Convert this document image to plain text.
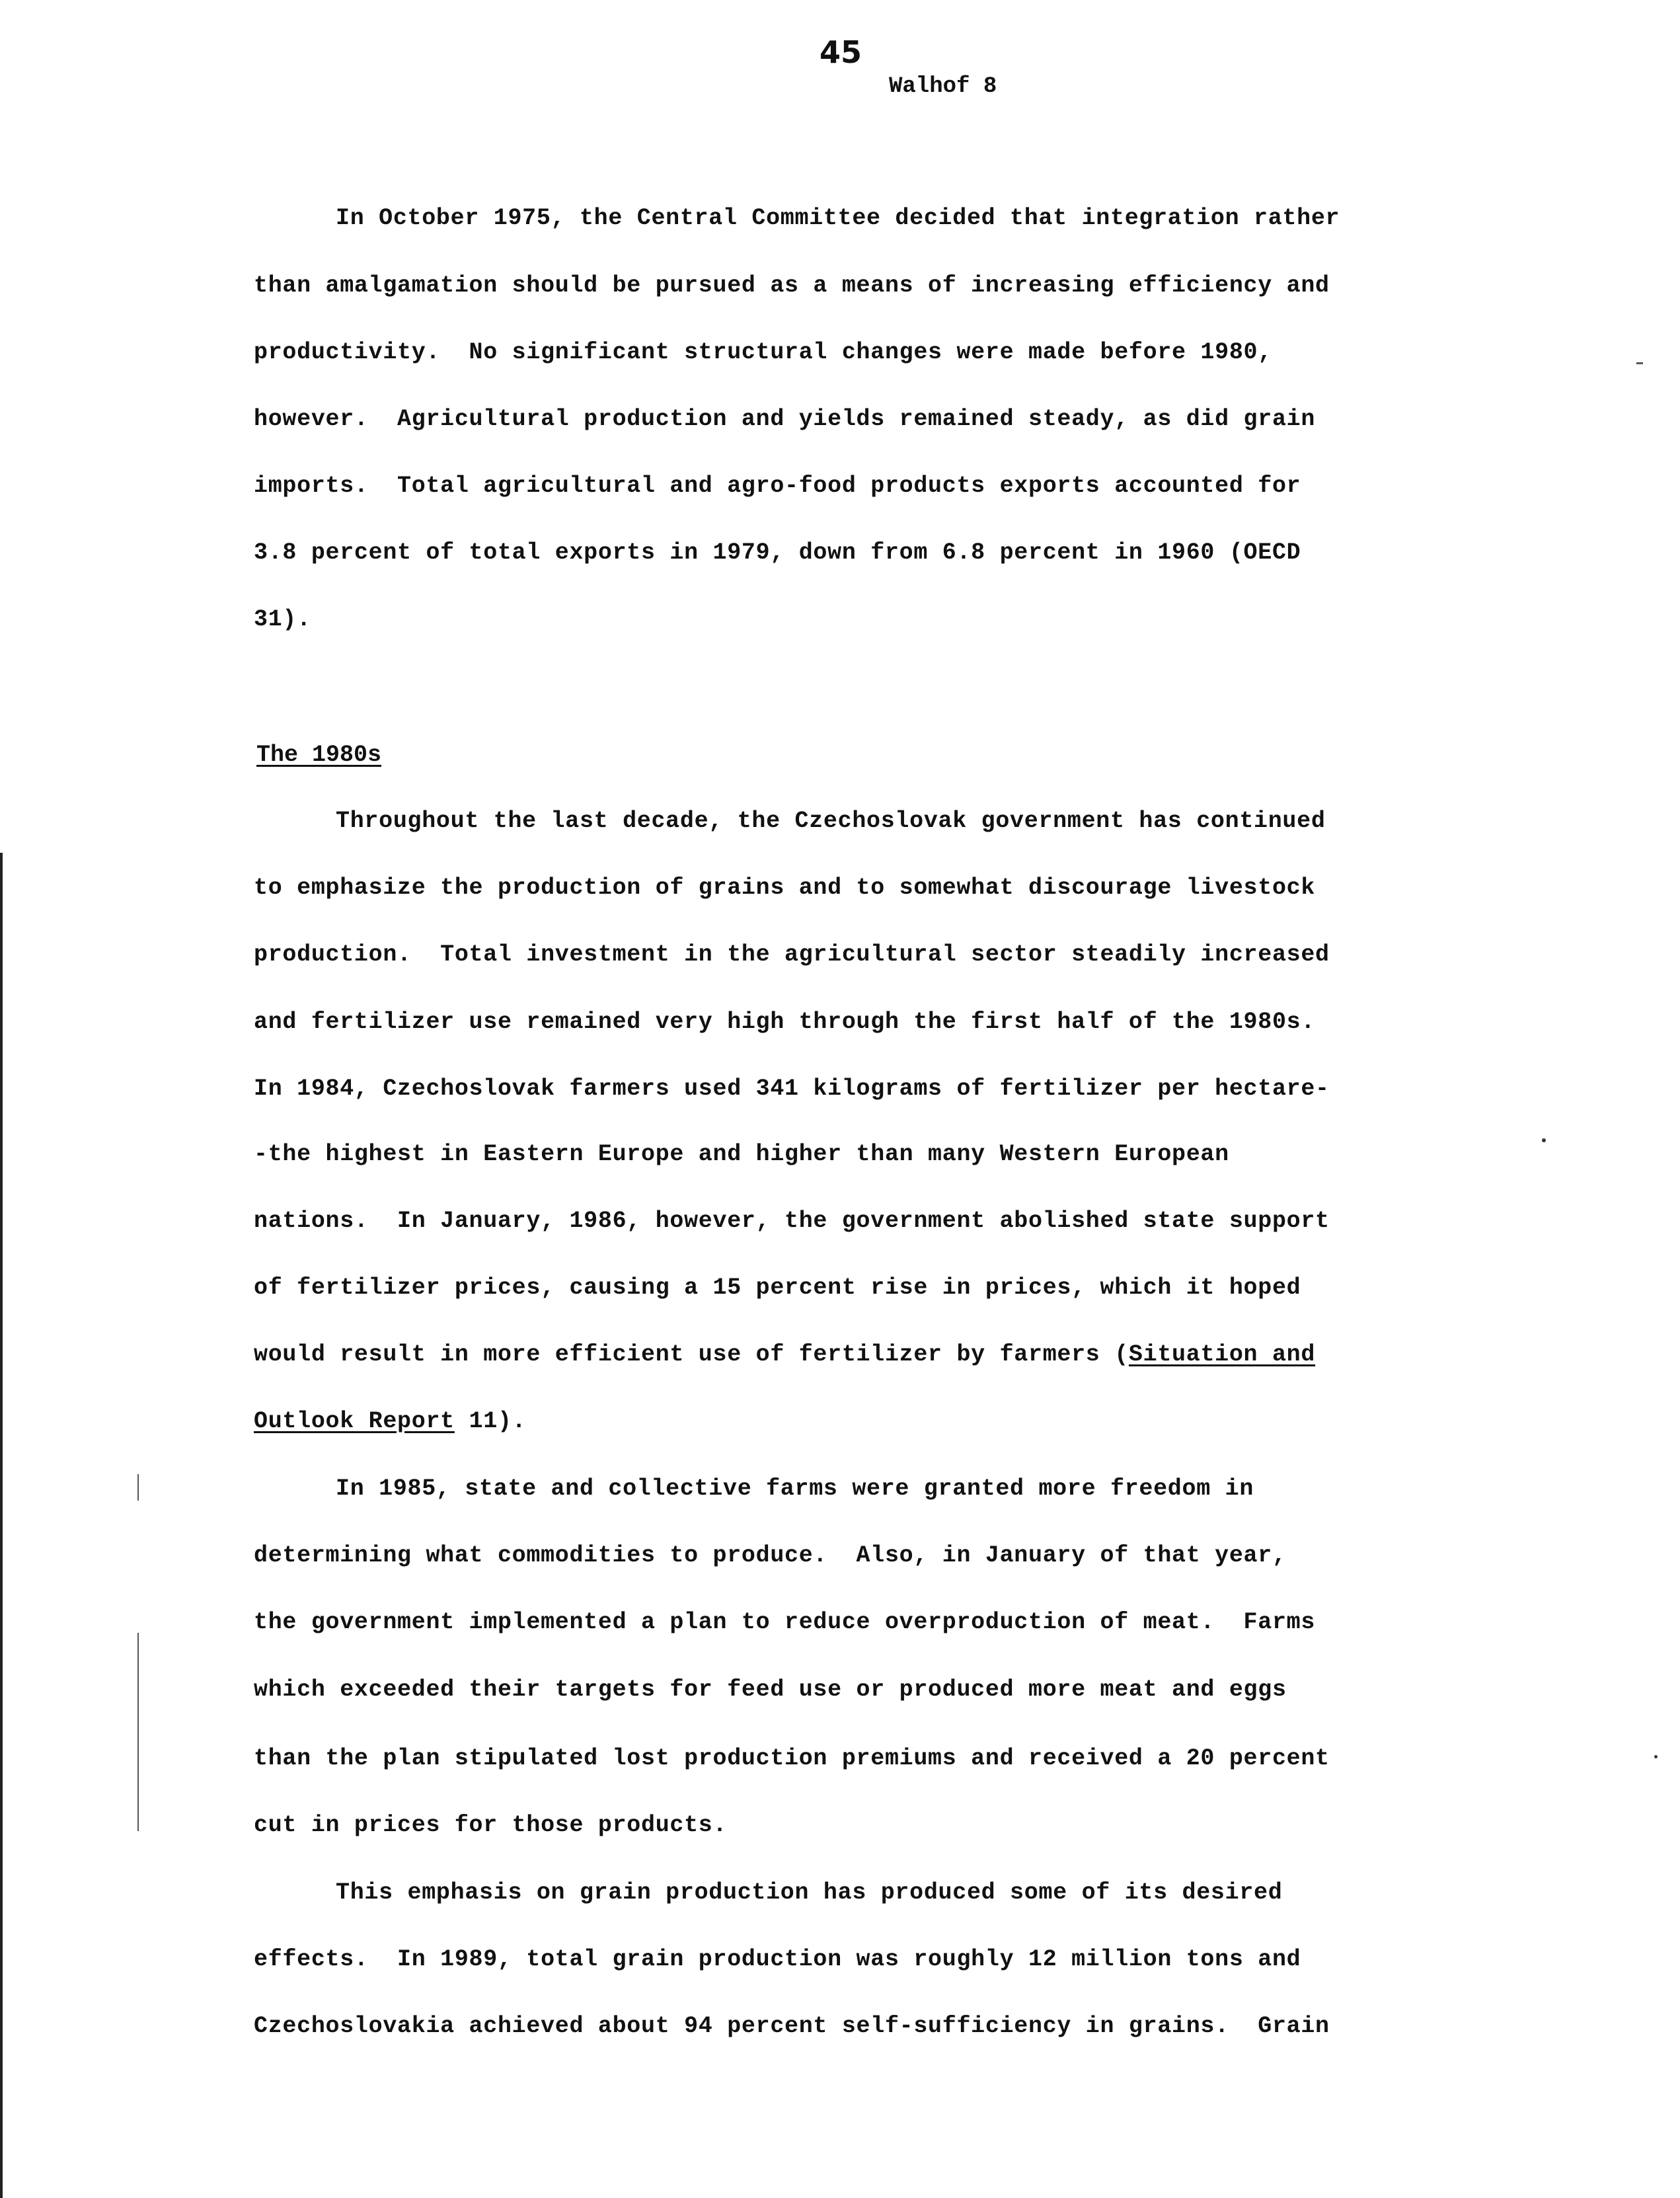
45
Walhof 8
In October 1975, the Central Committee decided that integration rather
than amalgamation should be pursued as a means of increasing efficiency and
productivity.  No significant structural changes were made before 1980,
however.  Agricultural production and yields remained steady, as did grain
imports.  Total agricultural and agro-food products exports accounted for
3.8 percent of total exports in 1979, down from 6.8 percent in 1960 (OECD
31).
The 1980s
Throughout the last decade, the Czechoslovak government has continued
to emphasize the production of grains and to somewhat discourage livestock
production.  Total investment in the agricultural sector steadily increased
and fertilizer use remained very high through the first half of the 1980s.
In 1984, Czechoslovak farmers used 341 kilograms of fertilizer per hectare-
-the highest in Eastern Europe and higher than many Western European
nations.  In January, 1986, however, the government abolished state support
of fertilizer prices, causing a 15 percent rise in prices, which it hoped
would result in more efficient use of fertilizer by farmers (Situation and
Outlook Report 11).
In 1985, state and collective farms were granted more freedom in
determining what commodities to produce.  Also, in January of that year,
the government implemented a plan to reduce overproduction of meat.  Farms
which exceeded their targets for feed use or produced more meat and eggs
than the plan stipulated lost production premiums and received a 20 percent
cut in prices for those products.
This emphasis on grain production has produced some of its desired
effects.  In 1989, total grain production was roughly 12 million tons and
Czechoslovakia achieved about 94 percent self-sufficiency in grains.  Grain
